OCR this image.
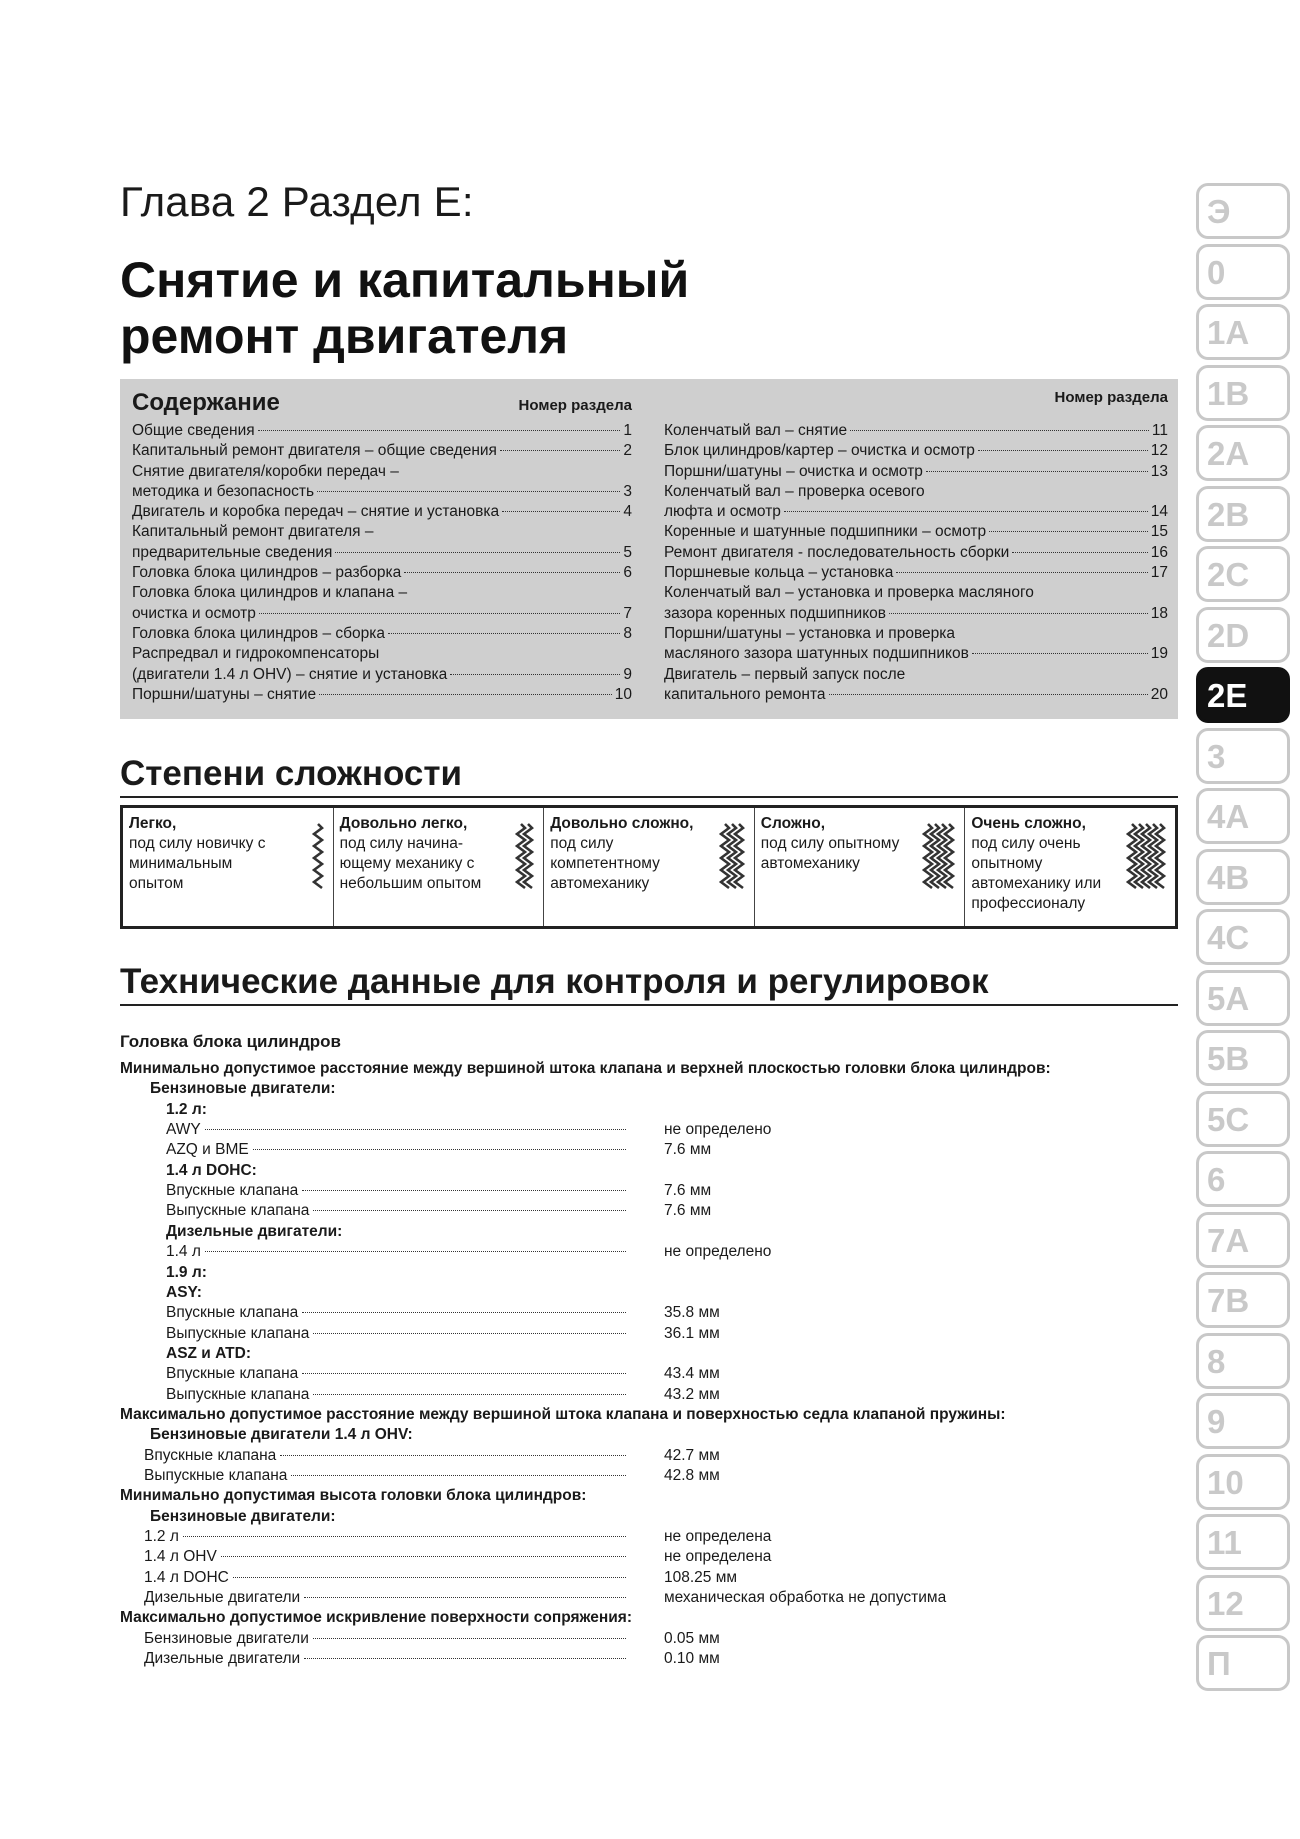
Глава 2 Раздел E:
Снятие и капитальный
ремонт двигателя
Содержание	Номер раздела
Общие сведения	1
Капитальный ремонт двигателя – общие сведения	2
Снятие двигателя/коробки передач –
методика и безопасность	3
Двигатель и коробка передач – снятие и установка	4
Капитальный ремонт двигателя –
предварительные сведения	5
Головка блока цилиндров – разборка	6
Головка блока цилиндров и клапана –
очистка и осмотр	7
Головка блока цилиндров – сборка	8
Распредвал и гидрокомпенсаторы
(двигатели 1.4 л OHV) – снятие и установка	9
Поршни/шатуны – снятие	10
Номер раздела
Коленчатый вал – снятие	11
Блок цилиндров/картер – очистка и осмотр	12
Поршни/шатуны – очистка и осмотр	13
Коленчатый вал – проверка осевого
люфта и осмотр	14
Коренные и шатунные подшипники – осмотр	15
Ремонт двигателя - последовательность сборки	16
Поршневые кольца – установка	17
Коленчатый вал – установка и проверка масляного
зазора коренных подшипников	18
Поршни/шатуны – установка и проверка
масляного зазора шатунных подшипников	19
Двигатель – первый запуск после
капитального ремонта	20
Степени сложности
Легко,
под силу новичку с минимальным опытом
Довольно легко,
под силу начина-ющему механику с небольшим опытом
Довольно сложно,
под силу компетентному автомеханику
Сложно,
под силу опытному автомеханику
Очень сложно,
под силу очень опытному автомеханику или профессионалу
Технические данные для контроля и регулировок
Головка блока цилиндров
Минимально допустимое расстояние между вершиной штока клапана и верхней плоскостью головки блока цилиндров:
Бензиновые двигатели:
1.2 л:
AWY	не определено
AZQ и BME	7.6 мм
1.4 л DOHC:
Впускные клапана	7.6 мм
Выпускные клапана	7.6 мм
Дизельные двигатели:
1.4 л	не определено
1.9 л:
ASY:
Впускные клапана	35.8 мм
Выпускные клапана	36.1 мм
ASZ и ATD:
Впускные клапана	43.4 мм
Выпускные клапана	43.2 мм
Максимально допустимое расстояние между вершиной штока клапана и поверхностью седла клапаной пружины:
Бензиновые двигатели 1.4 л OHV:
Впускные клапана	42.7 мм
Выпускные клапана	42.8 мм
Минимально допустимая высота головки блока цилиндров:
Бензиновые двигатели:
1.2 л	не определена
1.4 л OHV	не определена
1.4 л DOHC	108.25 мм
Дизельные двигатели	механическая обработка не допустима
Максимально допустимое искривление поверхности сопряжения:
Бензиновые двигатели	0.05 мм
Дизельные двигатели	0.10 мм
Э
0
1A
1B
2A
2B
2C
2D
2E
3
4A
4B
4C
5A
5B
5C
6
7A
7B
8
9
10
11
12
П
